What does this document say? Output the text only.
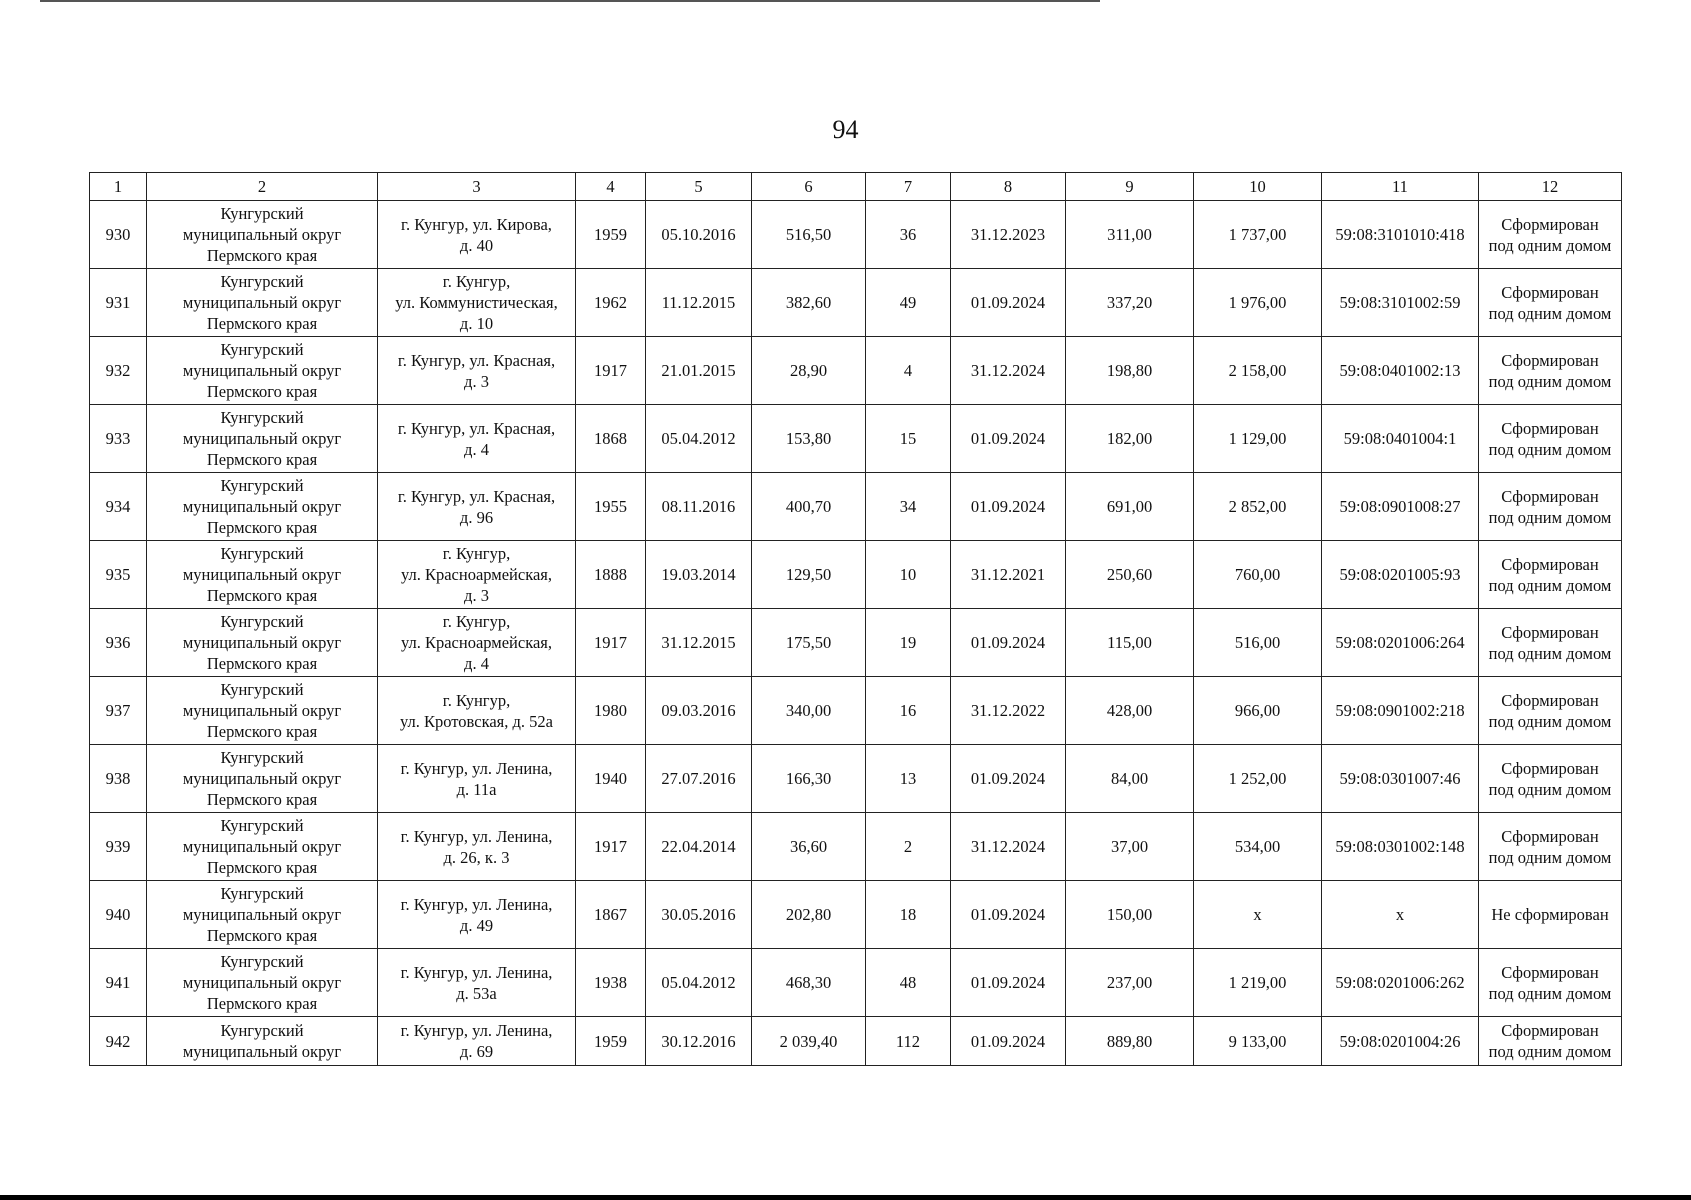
94
1	2	3	4	5	6	7	8	9	10	11	12
930	Кунгурский
муниципальный округ
Пермского края	г. Кунгур, ул. Кирова,
д. 40	1959	05.10.2016	516,50	36	31.12.2023	311,00	1 737,00	59:08:3101010:418	Сформирован
под одним домом
931	Кунгурский
муниципальный округ
Пермского края	г. Кунгур,
ул. Коммунистическая,
д. 10	1962	11.12.2015	382,60	49	01.09.2024	337,20	1 976,00	59:08:3101002:59	Сформирован
под одним домом
932	Кунгурский
муниципальный округ
Пермского края	г. Кунгур, ул. Красная,
д. 3	1917	21.01.2015	28,90	4	31.12.2024	198,80	2 158,00	59:08:0401002:13	Сформирован
под одним домом
933	Кунгурский
муниципальный округ
Пермского края	г. Кунгур, ул. Красная,
д. 4	1868	05.04.2012	153,80	15	01.09.2024	182,00	1 129,00	59:08:0401004:1	Сформирован
под одним домом
934	Кунгурский
муниципальный округ
Пермского края	г. Кунгур, ул. Красная,
д. 96	1955	08.11.2016	400,70	34	01.09.2024	691,00	2 852,00	59:08:0901008:27	Сформирован
под одним домом
935	Кунгурский
муниципальный округ
Пермского края	г. Кунгур,
ул. Красноармейская,
д. 3	1888	19.03.2014	129,50	10	31.12.2021	250,60	760,00	59:08:0201005:93	Сформирован
под одним домом
936	Кунгурский
муниципальный округ
Пермского края	г. Кунгур,
ул. Красноармейская,
д. 4	1917	31.12.2015	175,50	19	01.09.2024	115,00	516,00	59:08:0201006:264	Сформирован
под одним домом
937	Кунгурский
муниципальный округ
Пермского края	г. Кунгур,
ул. Кротовская, д. 52а	1980	09.03.2016	340,00	16	31.12.2022	428,00	966,00	59:08:0901002:218	Сформирован
под одним домом
938	Кунгурский
муниципальный округ
Пермского края	г. Кунгур, ул. Ленина,
д. 11а	1940	27.07.2016	166,30	13	01.09.2024	84,00	1 252,00	59:08:0301007:46	Сформирован
под одним домом
939	Кунгурский
муниципальный округ
Пермского края	г. Кунгур, ул. Ленина,
д. 26, к. 3	1917	22.04.2014	36,60	2	31.12.2024	37,00	534,00	59:08:0301002:148	Сформирован
под одним домом
940	Кунгурский
муниципальный округ
Пермского края	г. Кунгур, ул. Ленина,
д. 49	1867	30.05.2016	202,80	18	01.09.2024	150,00	х	х	Не сформирован
941	Кунгурский
муниципальный округ
Пермского края	г. Кунгур, ул. Ленина,
д. 53а	1938	05.04.2012	468,30	48	01.09.2024	237,00	1 219,00	59:08:0201006:262	Сформирован
под одним домом
942	Кунгурский
муниципальный округ	г. Кунгур, ул. Ленина,
д. 69	1959	30.12.2016	2 039,40	112	01.09.2024	889,80	9 133,00	59:08:0201004:26	Сформирован
под одним домом
